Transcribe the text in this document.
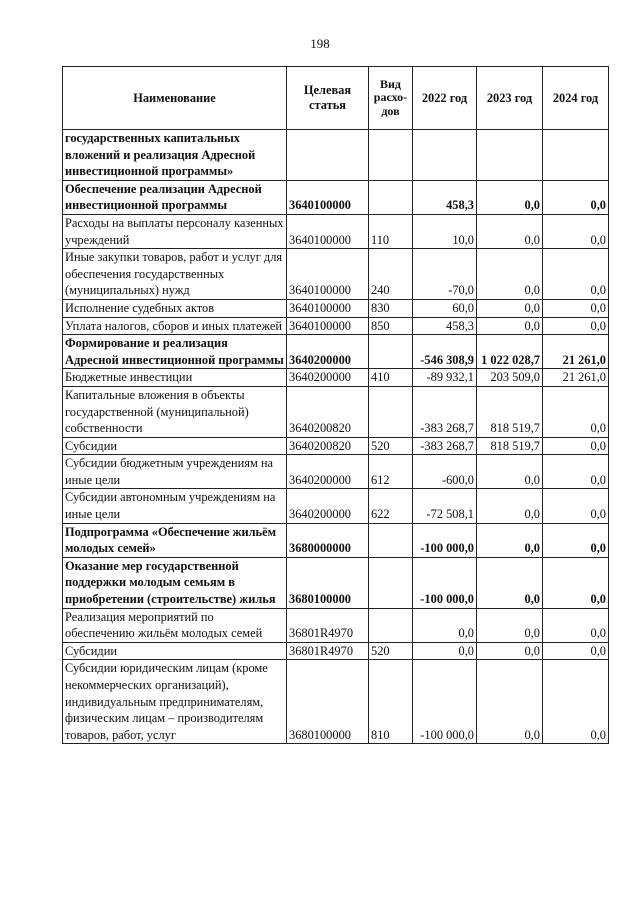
198
Наименование	Целевая статья	Вид расхо-дов	2022 год	2023 год	2024 год
государственных капитальных вложений и реализация Адресной инвестиционной программы»					
Обеспечение реализации Адресной инвестиционной программы	3640100000		458,3	0,0	0,0
Расходы на выплаты персоналу казенных учреждений	3640100000	110	10,0	0,0	0,0
Иные закупки товаров, работ и услуг для обеспечения государственных (муниципальных) нужд	3640100000	240	-70,0	0,0	0,0
Исполнение судебных актов	3640100000	830	60,0	0,0	0,0
Уплата налогов, сборов и иных платежей	3640100000	850	458,3	0,0	0,0
Формирование и реализация Адресной инвестиционной программы	3640200000		-546 308,9	1 022 028,7	21 261,0
Бюджетные инвестиции	3640200000	410	-89 932,1	203 509,0	21 261,0
Капитальные вложения в объекты государственной (муниципальной) собственности	3640200820		-383 268,7	818 519,7	0,0
Субсидии	3640200820	520	-383 268,7	818 519,7	0,0
Субсидии бюджетным учреждениям на иные цели	3640200000	612	-600,0	0,0	0,0
Субсидии автономным учреждениям на иные цели	3640200000	622	-72 508,1	0,0	0,0
Подпрограмма «Обеспечение жильём молодых семей»	3680000000		-100 000,0	0,0	0,0
Оказание мер государственной поддержки молодым семьям в приобретении (строительстве) жилья	3680100000		-100 000,0	0,0	0,0
Реализация мероприятий по обеспечению жильём молодых семей	36801R4970		0,0	0,0	0,0
Субсидии	36801R4970	520	0,0	0,0	0,0
Субсидии юридическим лицам (кроме некоммерческих организаций), индивидуальным предпринимателям, физическим лицам – производителям товаров, работ, услуг	3680100000	810	-100 000,0	0,0	0,0
